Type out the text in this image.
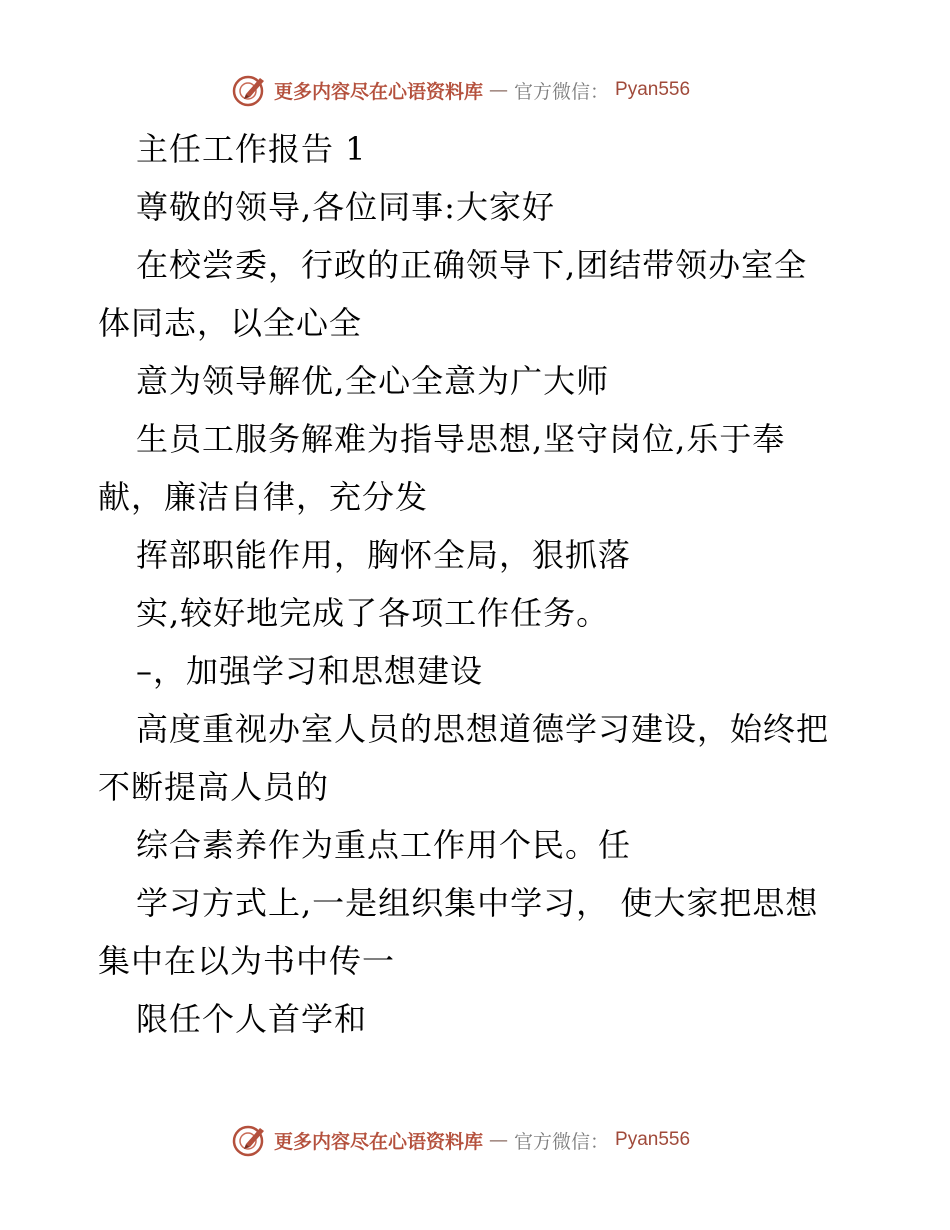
更多内容尽在心语资料库 — 官方微信： Pyan556
主任工作报告 1
尊敬的领导,各位同事:大家好
在校尝委，行政的正确领导下,团结带领办室全
体同志，以全心全
意为领导解优,全心全意为广大师
生员工服务解难为指导思想,坚守岗位,乐于奉
献，廉洁自律，充分发
挥部职能作用，胸怀全局，狠抓落
实,较好地完成了各项工作任务。
–，加强学习和思想建设
高度重视办室人员的思想道德学习建设，始终把
不断提高人员的
综合素养作为重点工作用个民。任
学习方式上,一是组织集中学习， 使大家把思想
集中在以为书中传一
限任个人首学和
更多内容尽在心语资料库 — 官方微信： Pyan556
